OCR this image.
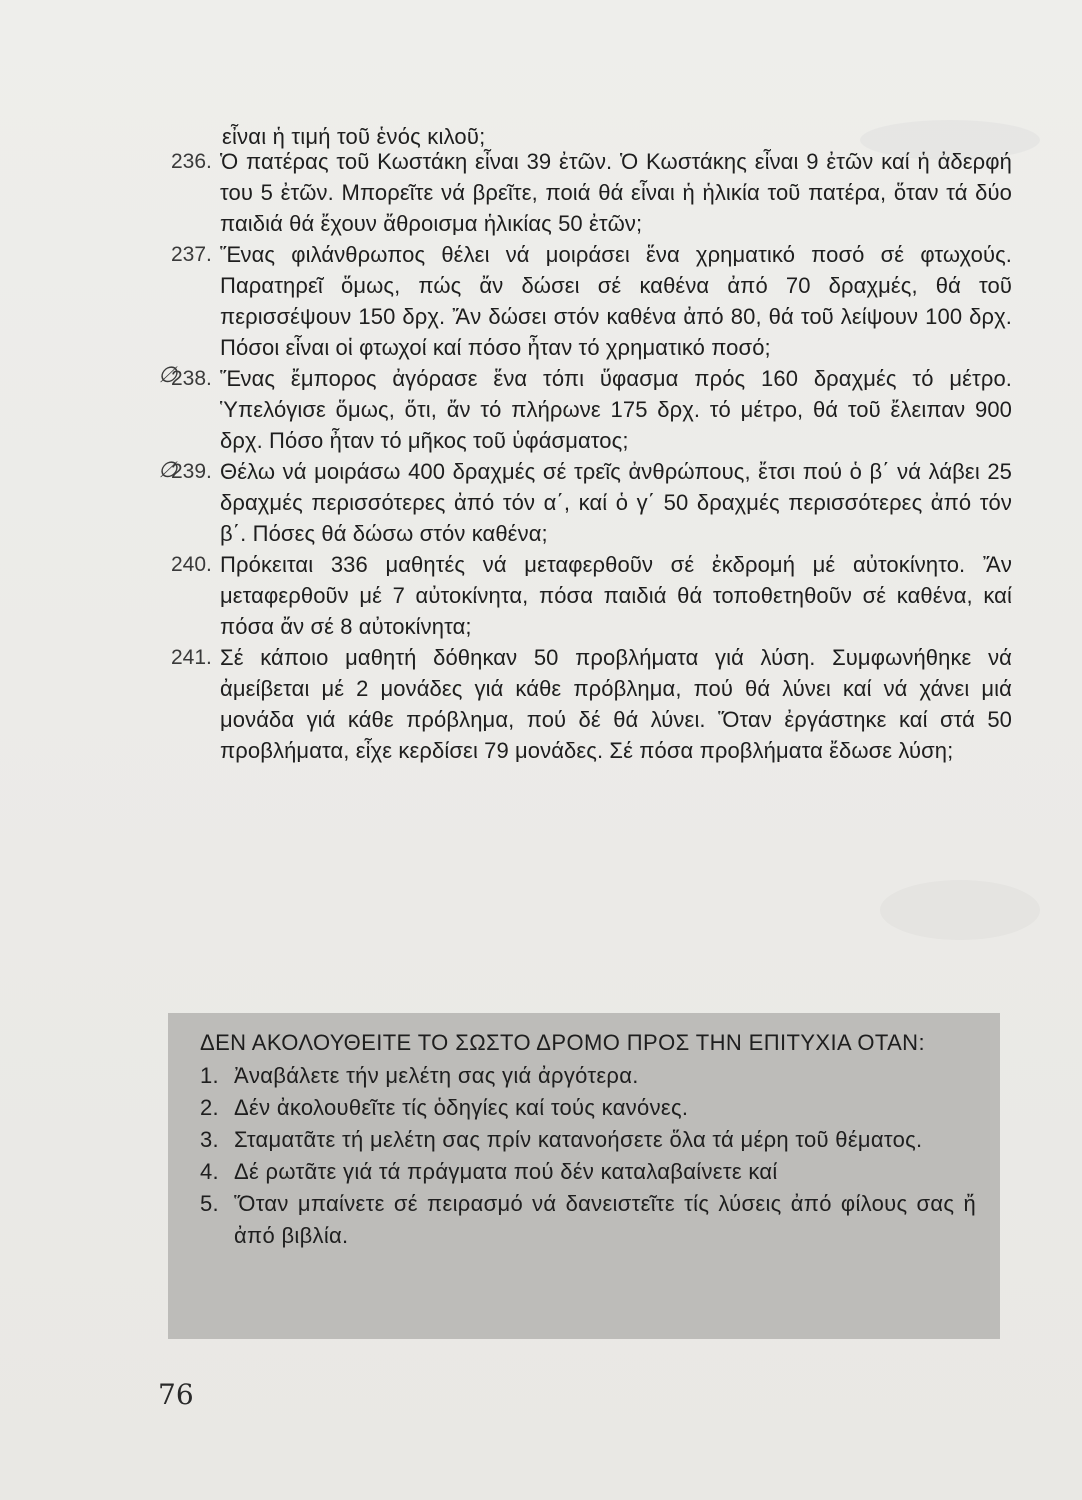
εἶναι ἡ τιμή τοῦ ἑνός κιλοῦ;
236. Ὁ πατέρας τοῦ Κωστάκη εἶναι 39 ἐτῶν. Ὁ Κωστάκης εἶναι 9 ἐτῶν καί ἡ ἀδερφή του 5 ἐτῶν. Μπορεῖτε νά βρεῖτε, ποιά θά εἶναι ἡ ἡλικία τοῦ πατέρα, ὅταν τά δύο παιδιά θά ἔχουν ἄθροισμα ἡλικίας 50 ἐτῶν;
237. Ἕνας φιλάνθρωπος θέλει νά μοιράσει ἕνα χρηματικό ποσό σέ φτωχούς. Παρατηρεῖ ὅμως, πώς ἄν δώσει σέ καθένα ἀπό 70 δραχμές, θά τοῦ περισσέψουν 150 δρχ. Ἄν δώσει στόν καθένα ἀπό 80, θά τοῦ λείψουν 100 δρχ. Πόσοι εἶναι οἱ φτωχοί καί πόσο ἦταν τό χρηματικό ποσό;
∅
238. Ἕνας ἔμπορος ἀγόρασε ἕνα τόπι ὕφασμα πρός 160 δραχμές τό μέτρο. Ὑπελόγισε ὅμως, ὅτι, ἄν τό πλήρωνε 175 δρχ. τό μέτρο, θά τοῦ ἔλειπαν 900 δρχ. Πόσο ἦταν τό μῆκος τοῦ ὑφάσματος;
∅
239. Θέλω νά μοιράσω 400 δραχμές σέ τρεῖς ἀνθρώπους, ἔτσι πού ὁ β΄ νά λάβει 25 δραχμές περισσότερες ἀπό τόν α΄, καί ὁ γ΄ 50 δραχμές περισσότερες ἀπό τόν β΄. Πόσες θά δώσω στόν καθένα;
240. Πρόκειται 336 μαθητές νά μεταφερθοῦν σέ ἐκδρομή μέ αὐτοκίνητο. Ἄν μεταφερθοῦν μέ 7 αὐτοκίνητα, πόσα παιδιά θά τοποθετηθοῦν σέ καθένα, καί πόσα ἄν σέ 8 αὐτοκίνητα;
241. Σέ κάποιο μαθητή δόθηκαν 50 προβλήματα γιά λύση. Συμφωνήθηκε νά ἀμείβεται μέ 2 μονάδες γιά κάθε πρόβλημα, πού θά λύνει καί νά χάνει μιά μονάδα γιά κάθε πρόβλημα, πού δέ θά λύνει. Ὅταν ἐργάστηκε καί στά 50 προβλήματα, εἶχε κερδίσει 79 μονάδες. Σέ πόσα προβλήματα ἔδωσε λύση;
ΔΕΝ ΑΚΟΛΟΥΘΕΙΤΕ ΤΟ ΣΩΣΤΟ ΔΡΟΜΟ ΠΡΟΣ ΤΗΝ ΕΠΙΤΥΧΙΑ ΟΤΑΝ:
1. Ἀναβάλετε τήν μελέτη σας γιά ἀργότερα.
2. Δέν ἀκολουθεῖτε τίς ὁδηγίες καί τούς κανόνες.
3. Σταματᾶτε τή μελέτη σας πρίν κατανοήσετε ὅλα τά μέρη τοῦ θέματος.
4. Δέ ρωτᾶτε γιά τά πράγματα πού δέν καταλαβαίνετε καί
5. Ὅταν μπαίνετε σέ πειρασμό νά δανειστεῖτε τίς λύσεις ἀπό φίλους σας ἤ ἀπό βιβλία.
76
